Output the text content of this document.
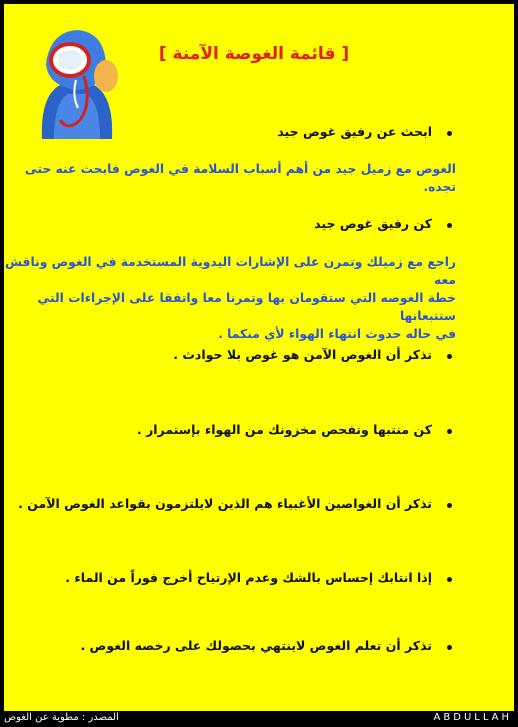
[ قائمة الغوصة الآمنة ]
ابحث عن رفيق غوص جيد
الغوص مع زميل جيد من أهم أسباب السلامة في الغوص فابحث عنه حتى تجده.
كن رفيق غوص جيد
راجع مع زميلك وتمرن على الإشارات اليدوية المستخدمة في الغوص وناقش معه
خطة الغوصه التي ستقومان بها وتمرنا معا واتفقا على الإجراءات التي ستتبعانها
في حاله حدوث انتهاء الهواء لأي منكما .
تذكر أن الغوص الآمن هو غوص بلا حوادث .
كن منتبها وتفحص مخزونك من الهواء بإستمرار .
تذكر أن الغواصين الأغبياء هم الذين لايلتزمون بقواعد الغوص الآمن .
إذا انتابك إحساس بالشك وعدم الإرتياح أخرج فوراً من الماء .
تذكر أن تعلم الغوص لاينتهي بحصولك على رخصه الغوص .
المصدر : مطوية عن الغوص	ABDULLAH
